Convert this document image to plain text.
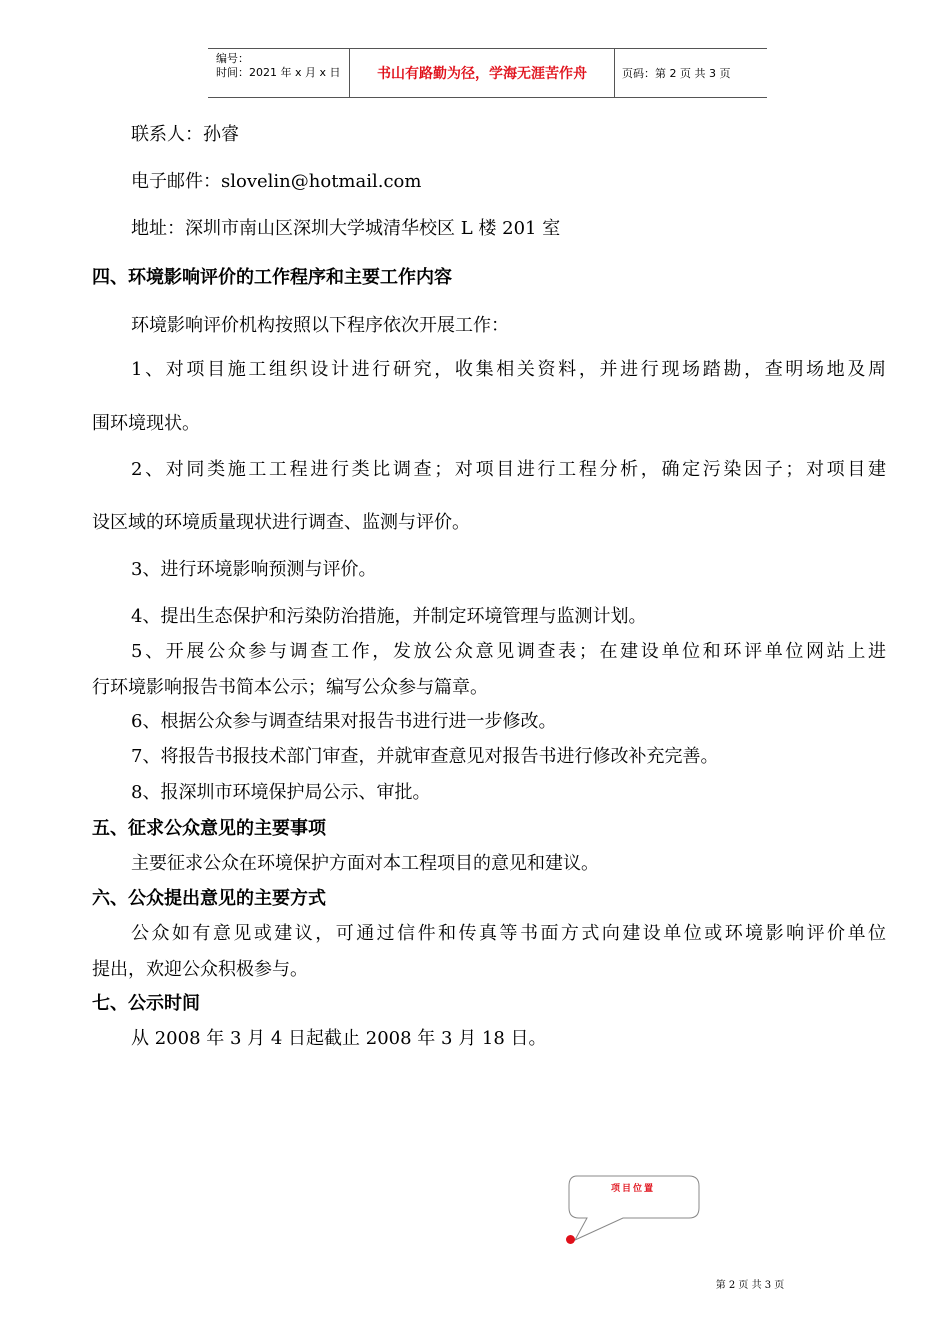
编号：
时间：2021 年 x 月 x 日	书山有路勤为径，学海无涯苦作舟	页码：第 2 页 共 3 页
联系人：孙睿
电子邮件：slovelin@hotmail.com
地址：深圳市南山区深圳大学城清华校区 L 楼 201 室
四、环境影响评价的工作程序和主要工作内容
环境影响评价机构按照以下程序依次开展工作：
1、对项目施工组织设计进行研究，收集相关资料，并进行现场踏勘，查明场地及周
围环境现状。
2、对同类施工工程进行类比调查；对项目进行工程分析，确定污染因子；对项目建
设区域的环境质量现状进行调查、监测与评价。
3、进行环境影响预测与评价。
4、提出生态保护和污染防治措施，并制定环境管理与监测计划。
5、开展公众参与调查工作，发放公众意见调查表；在建设单位和环评单位网站上进
行环境影响报告书简本公示；编写公众参与篇章。
6、根据公众参与调查结果对报告书进行进一步修改。
7、将报告书报技术部门审查，并就审查意见对报告书进行修改补充完善。
8、报深圳市环境保护局公示、审批。
五、征求公众意见的主要事项
主要征求公众在环境保护方面对本工程项目的意见和建议。
六、公众提出意见的主要方式
公众如有意见或建议，可通过信件和传真等书面方式向建设单位或环境影响评价单位
提出，欢迎公众积极参与。
七、公示时间
从 2008 年 3 月 4 日起截止 2008 年 3 月 18 日。
项目位置
第 2 页 共 3 页
